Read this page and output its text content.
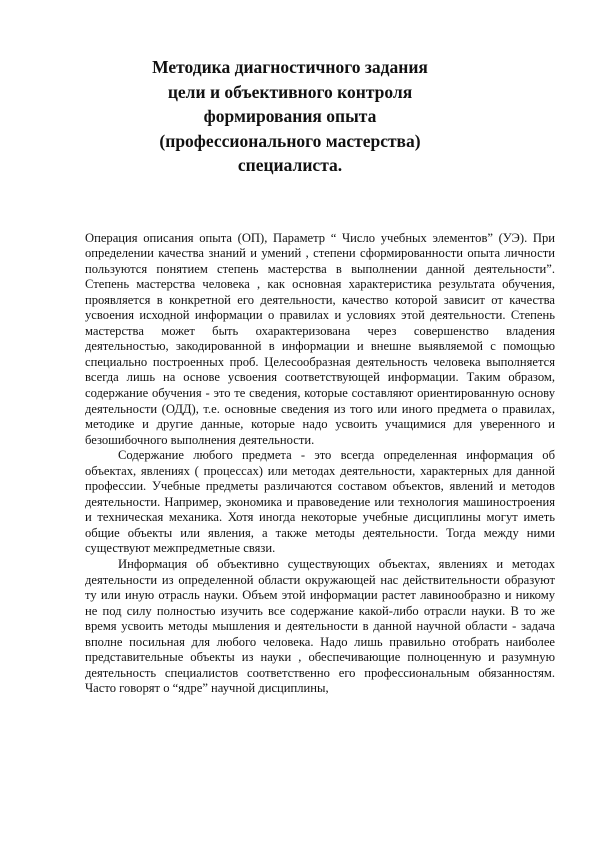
Методика диагностичного задания
цели и объективного контроля
формирования опыта
(профессионального мастерства)
специалиста.

Операция описания опыта (ОП), Параметр “ Число учебных элементов” (УЭ). При определении качества знаний и умений , степени сформированности опыта личности пользуются понятием степень мастерства в выполнении данной деятельности”. Степень мастерства человека , как основная характеристика результата обучения, проявляется в конкретной его деятельности, качество которой зависит от качества усвоения исходной информации о правилах и условиях этой деятельности. Степень мастерства может быть охарактеризована через совершенство владения деятельностью, закодированной в информации и внешне выявляемой с помощью специально построенных проб. Целесообразная деятельность человека выполняется всегда лишь на основе усвоения соответствующей информации. Таким образом, содержание обучения - это те сведения, которые составляют ориентированную основу деятельности (ОДД), т.е. основные сведения из того или иного предмета о правилах, методике и другие данные, которые надо усвоить учащимися для уверенного и безошибочного выполнения деятельности.

Содержание любого предмета - это всегда определенная информация об объектах, явлениях ( процессах) или методах деятельности, характерных для данной профессии. Учебные предметы различаются составом объектов, явлений и методов деятельности. Например, экономика и правоведение или технология машиностроения и техническая механика. Хотя иногда некоторые учебные дисциплины могут иметь общие объекты или явления, а также методы деятельности. Тогда между ними существуют межпредметные связи.

Информация об объективно существующих объектах, явлениях и методах деятельности из определенной области окружающей нас действительности образуют ту или иную отрасль науки. Объем этой информации растет лавинообразно и никому не под силу полностью изучить все содержание какой-либо отрасли науки. В то же время усвоить методы мышления и деятельности в данной научной области - задача вполне посильная для любого человека. Надо лишь правильно отобрать наиболее представительные объекты из науки , обеспечивающие полноценную и разумную деятельность специалистов соответственно его профессиональным обязанностям. Часто говорят о “ядре” научной дисциплины,
